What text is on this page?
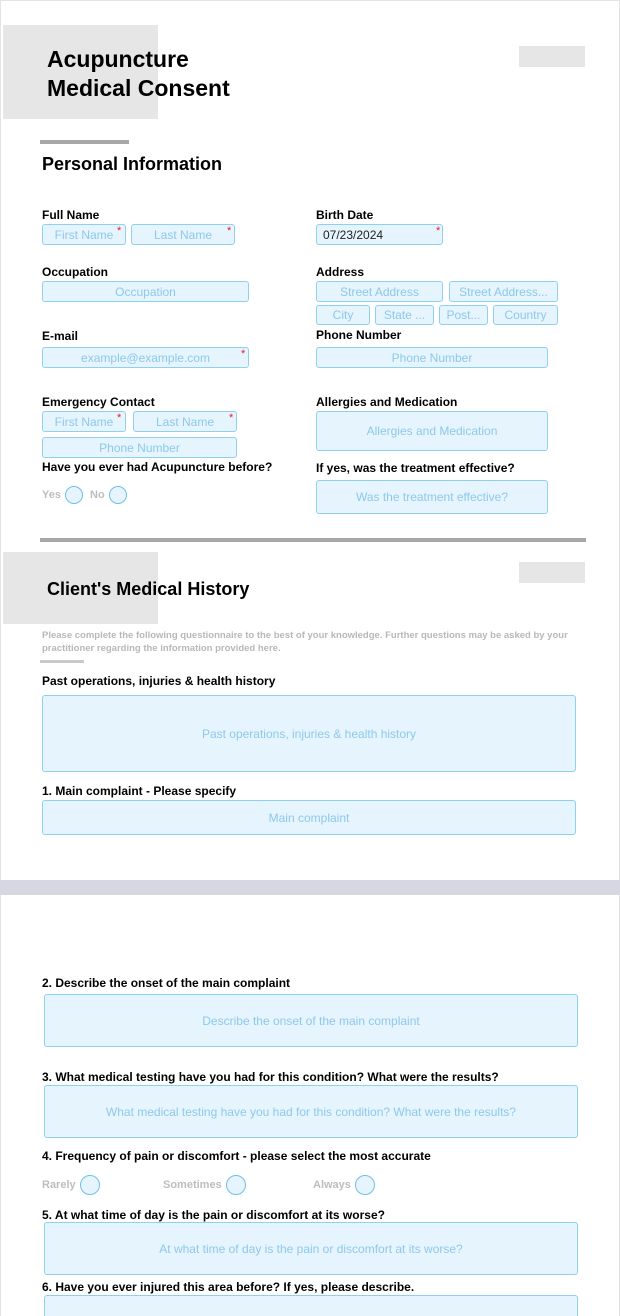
Acupuncture
Medical Consent
Personal Information
Full Name
First Name *	Last Name	*
Birth Date
07/23/2024	*
Occupation
Occupation
Address
Street Address	Street Address...
City	State ...	Post...	Country
E-mail
example@example.com	*
Phone Number
Phone Number
Emergency Contact
First Name *	Last Name	*
Phone Number
Allergies and Medication
Allergies and Medication
Have you ever had Acupuncture before?
Yes	No
If yes, was the treatment effective?
Was the treatment effective?
Client's Medical History
Please complete the following questionnaire to the best of your knowledge. Further questions may be asked by your practitioner regarding the information provided here.
Past operations, injuries & health history
Past operations, injuries & health history
1. Main complaint - Please specify
Main complaint
2. Describe the onset of the main complaint
Describe the onset of the main complaint
3. What medical testing have you had for this condition? What were the results?
What medical testing have you had for this condition? What were the results?
4. Frequency of pain or discomfort - please select the most accurate
Rarely	Sometimes	Always
5. At what time of day is the pain or discomfort at its worse?
At what time of day is the pain or discomfort at its worse?
6. Have you ever injured this area before? If yes, please describe.
